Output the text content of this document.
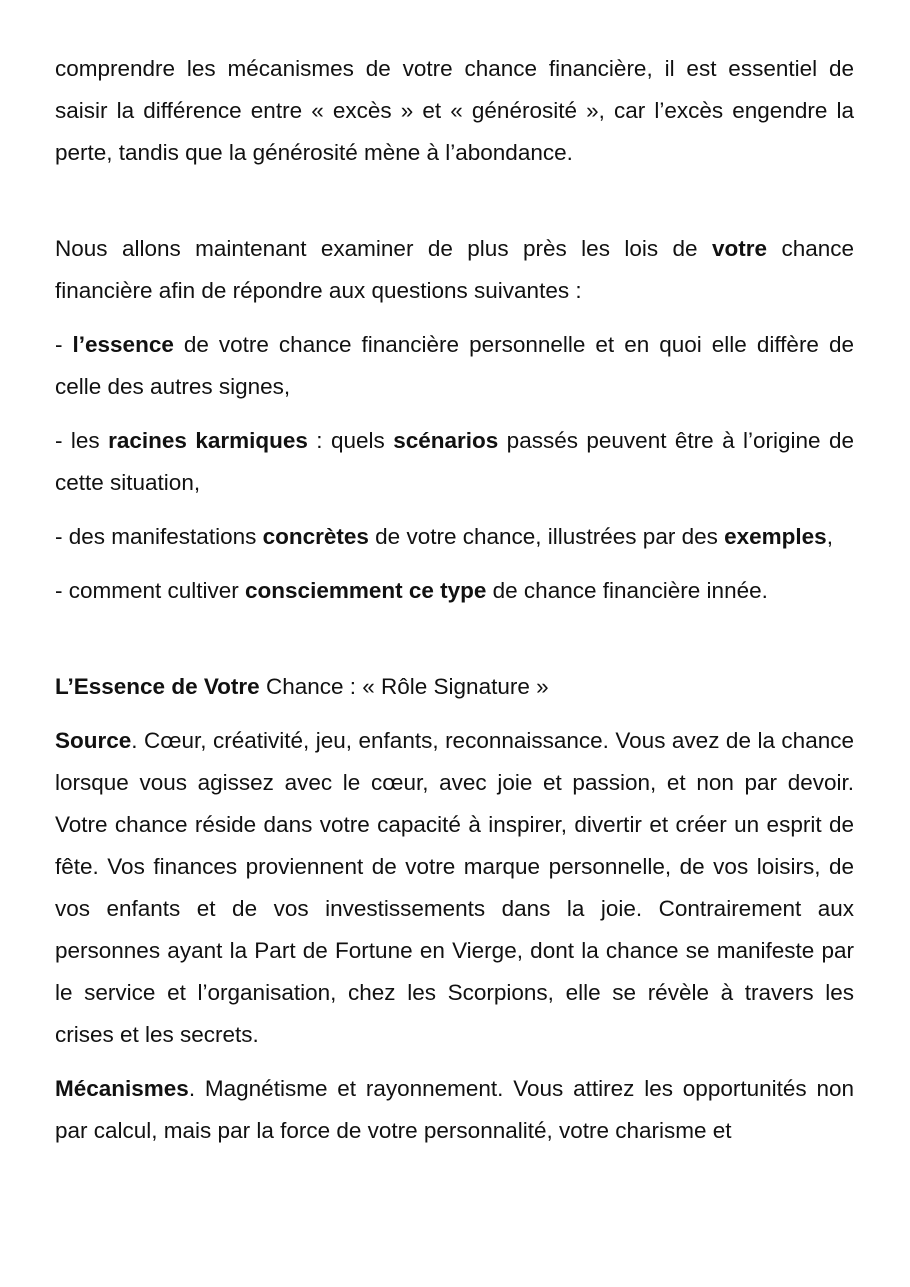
comprendre les mécanismes de votre chance financière, il est essentiel de saisir la différence entre « excès » et « générosité », car l’excès engendre la perte, tandis que la générosité mène à l’abondance.

Nous allons maintenant examiner de plus près les lois de votre chance financière afin de répondre aux questions suivantes :

- l’essence de votre chance financière personnelle et en quoi elle diffère de celle des autres signes,

- les racines karmiques : quels scénarios passés peuvent être à l’origine de cette situation,

- des manifestations concrètes de votre chance, illustrées par des exemples,

- comment cultiver consciemment ce type de chance financière innée.

L’Essence de Votre Chance : « Rôle Signature »

Source. Cœur, créativité, jeu, enfants, reconnaissance. Vous avez de la chance lorsque vous agissez avec le cœur, avec joie et passion, et non par devoir. Votre chance réside dans votre capacité à inspirer, divertir et créer un esprit de fête. Vos finances proviennent de votre marque personnelle, de vos loisirs, de vos enfants et de vos investissements dans la joie. Contrairement aux personnes ayant la Part de Fortune en Vierge, dont la chance se manifeste par le service et l’organisation, chez les Scorpions, elle se révèle à travers les crises et les secrets.

Mécanismes. Magnétisme et rayonnement. Vous attirez les opportunités non par calcul, mais par la force de votre personnalité, votre charisme et
